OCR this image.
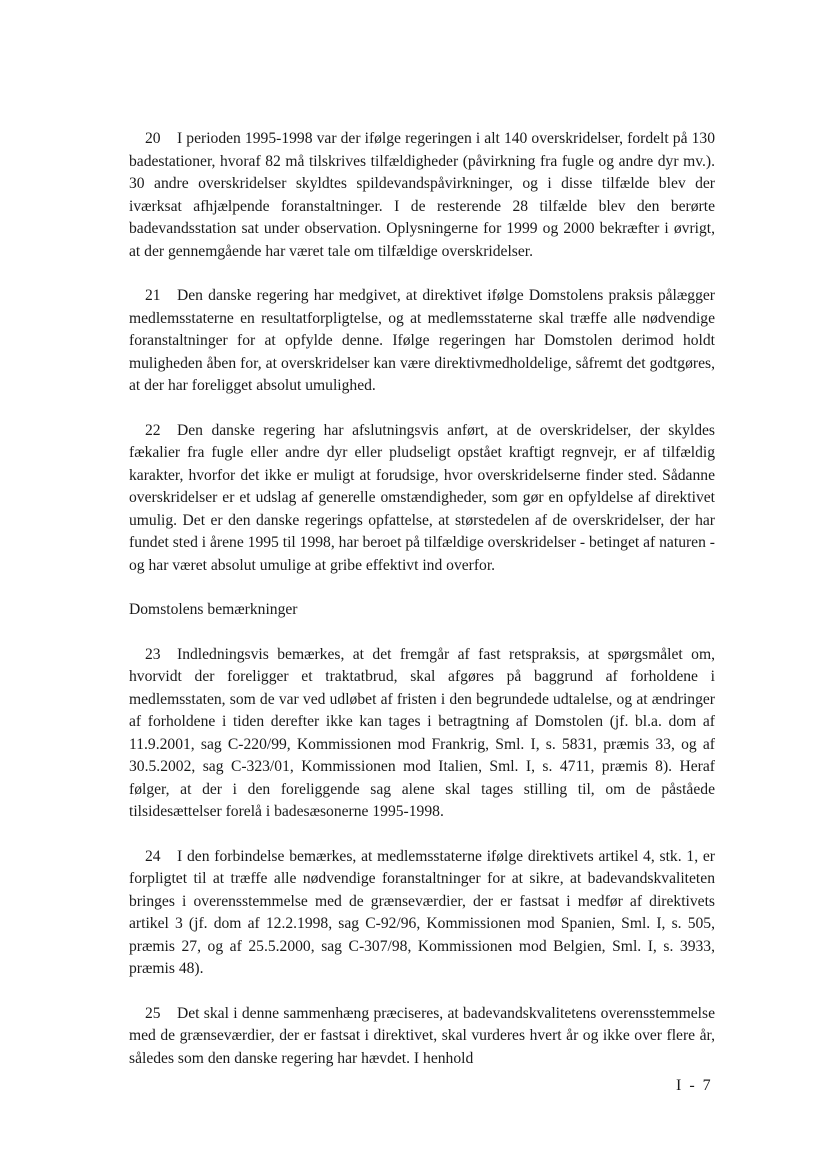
20 I perioden 1995-1998 var der ifølge regeringen i alt 140 overskridelser, fordelt på 130 badestationer, hvoraf 82 må tilskrives tilfældigheder (påvirkning fra fugle og andre dyr mv.). 30 andre overskridelser skyldtes spildevandspåvirkninger, og i disse tilfælde blev der iværksat afhjælpende foranstaltninger. I de resterende 28 tilfælde blev den berørte badevandsstation sat under observation. Oplysningerne for 1999 og 2000 bekræfter i øvrigt, at der gennemgående har været tale om tilfældige overskridelser.

21 Den danske regering har medgivet, at direktivet ifølge Domstolens praksis pålægger medlemsstaterne en resultatforpligtelse, og at medlemsstaterne skal træffe alle nødvendige foranstaltninger for at opfylde denne. Ifølge regeringen har Domstolen derimod holdt muligheden åben for, at overskridelser kan være direktivmedholdelige, såfremt det godtgøres, at der har foreligget absolut umulighed.

22 Den danske regering har afslutningsvis anført, at de overskridelser, der skyldes fækalier fra fugle eller andre dyr eller pludseligt opstået kraftigt regnvejr, er af tilfældig karakter, hvorfor det ikke er muligt at forudsige, hvor overskridelserne finder sted. Sådanne overskridelser er et udslag af generelle omstændigheder, som gør en opfyldelse af direktivet umulig. Det er den danske regerings opfattelse, at størstedelen af de overskridelser, der har fundet sted i årene 1995 til 1998, har beroet på tilfældige overskridelser - betinget af naturen - og har været absolut umulige at gribe effektivt ind overfor.

Domstolens bemærkninger

23 Indledningsvis bemærkes, at det fremgår af fast retspraksis, at spørgsmålet om, hvorvidt der foreligger et traktatbrud, skal afgøres på baggrund af forholdene i medlemsstaten, som de var ved udløbet af fristen i den begrundede udtalelse, og at ændringer af forholdene i tiden derefter ikke kan tages i betragtning af Domstolen (jf. bl.a. dom af 11.9.2001, sag C-220/99, Kommissionen mod Frankrig, Sml. I, s. 5831, præmis 33, og af 30.5.2002, sag C-323/01, Kommissionen mod Italien, Sml. I, s. 4711, præmis 8). Heraf følger, at der i den foreliggende sag alene skal tages stilling til, om de påståede tilsidesættelser forelå i badesæsonerne 1995-1998.

24 I den forbindelse bemærkes, at medlemsstaterne ifølge direktivets artikel 4, stk. 1, er forpligtet til at træffe alle nødvendige foranstaltninger for at sikre, at badevandskvaliteten bringes i overensstemmelse med de grænseværdier, der er fastsat i medfør af direktivets artikel 3 (jf. dom af 12.2.1998, sag C-92/96, Kommissionen mod Spanien, Sml. I, s. 505, præmis 27, og af 25.5.2000, sag C-307/98, Kommissionen mod Belgien, Sml. I, s. 3933, præmis 48).

25 Det skal i denne sammenhæng præciseres, at badevandskvalitetens overensstemmelse med de grænseværdier, der er fastsat i direktivet, skal vurderes hvert år og ikke over flere år, således som den danske regering har hævdet. I henhold

I - 7
